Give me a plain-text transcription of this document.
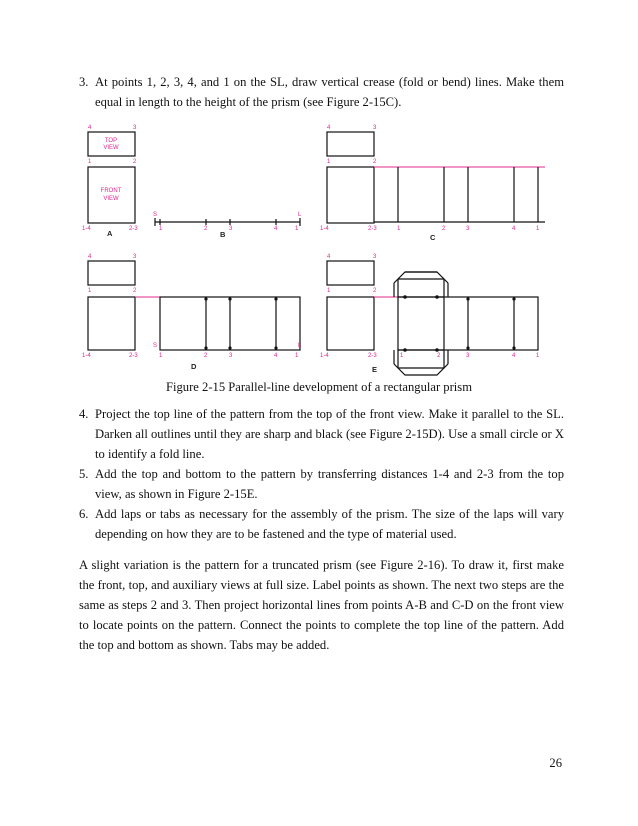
3. At points 1, 2, 3, 4, and 1 on the SL, draw vertical crease (fold or bend) lines. Make them equal in length to the height of the prism (see Figure 2-15C).
4	3
1	2
TOP
VIEW
FRONT
VIEW
1-4	2-3
A
S	L
1	2	3	4	1
B
4	3
1	2
1-4	2-3	1	2	3	4	1
C
4	3
1	2
S	L
1-4	2-3	1	2	3	4	1
D
4	3
1	2
1-4	2-3	1	2	3	4	1
E
Figure 2-15 Parallel-line development of a rectangular prism
4. Project the top line of the pattern from the top of the front view. Make it parallel to the SL. Darken all outlines until they are sharp and black (see Figure 2-15D). Use a small circle or X to identify a fold line.
5. Add the top and bottom to the pattern by transferring distances 1-4 and 2-3 from the top view, as shown in Figure 2-15E.
6. Add laps or tabs as necessary for the assembly of the prism. The size of the laps will vary depending on how they are to be fastened and the type of material used.
A slight variation is the pattern for a truncated prism (see Figure 2-16). To draw it, first make the front, top, and auxiliary views at full size. Label points as shown. The next two steps are the same as steps 2 and 3. Then project horizontal lines from points A-B and C-D on the front view to locate points on the pattern. Connect the points to complete the top line of the pattern. Add the top and bottom as shown. Tabs may be added.
26
